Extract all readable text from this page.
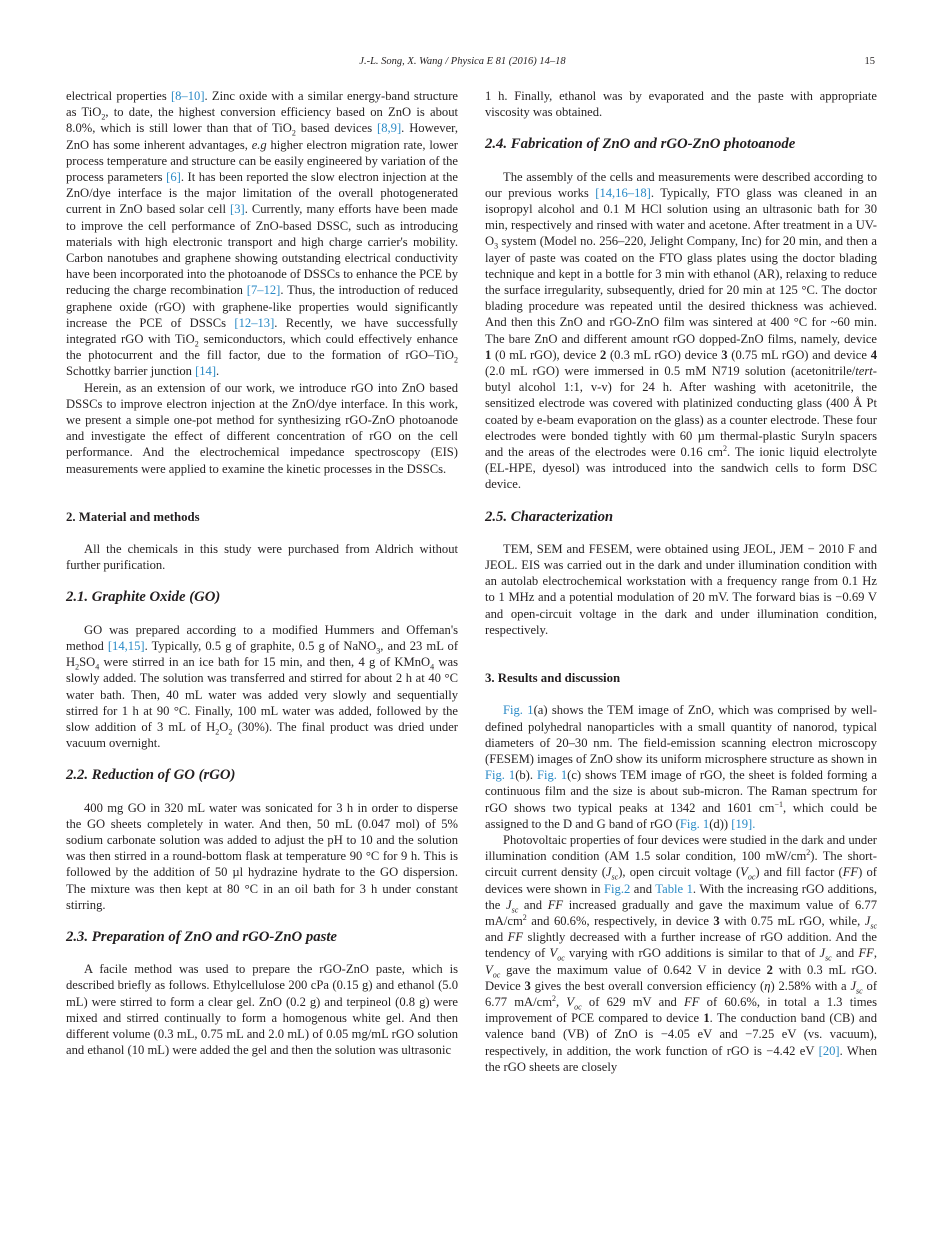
J.-L. Song, X. Wang / Physica E 81 (2016) 14–18	15

electrical properties [8–10]. Zinc oxide with a similar energy-band structure as TiO$_2$, to date, the highest conversion efficiency based on ZnO is about 8.0%, which is still lower than that of TiO$_2$ based devices [8,9]. However, ZnO has some inherent advantages, e.g higher electron migration rate, lower process temperature and structure can be easily engineered by variation of the process parameters [6]. It has been reported the slow electron injection at the ZnO/dye interface is the major limitation of the overall photogenerated current in ZnO based solar cell [3]. Currently, many efforts have been made to improve the cell performance of ZnO-based DSSC, such as introducing materials with high electronic transport and high charge carrier's mobility. Carbon nanotubes and graphene showing outstanding electrical conductivity have been incorporated into the photoanode of DSSCs to enhance the PCE by reducing the charge recombination [7–12]. Thus, the introduction of reduced graphene oxide (rGO) with graphene-like properties would significantly increase the PCE of DSSCs [12–13]. Recently, we have successfully integrated rGO with TiO$_2$ semiconductors, which could effectively enhance the photocurrent and the fill factor, due to the formation of rGO–TiO$_2$ Schottky barrier junction [14].

Herein, as an extension of our work, we introduce rGO into ZnO based DSSCs to improve electron injection at the ZnO/dye interface. In this work, we present a simple one-pot method for synthesizing rGO-ZnO photoanode and investigate the effect of different concentration of rGO on the cell performance. And the electrochemical impedance spectroscopy (EIS) measurements were applied to examine the kinetic processes in the DSSCs.

2. Material and methods

All the chemicals in this study were purchased from Aldrich without further purification.

2.1. Graphite Oxide (GO)

GO was prepared according to a modified Hummers and Offeman's method [14,15]. Typically, 0.5 g of graphite, 0.5 g of NaNO$_3$, and 23 mL of $H_2SO_4$ were stirred in an ice bath for 15 min, and then, 4 g of KMnO$_4$ was slowly added. The solution was transferred and stirred for about 2 h at 40 °C water bath. Then, 40 mL water was added very slowly and sequentially stirred for 1 h at 90 °C. Finally, 100 mL water was added, followed by the slow addition of 3 mL of $H_2O_2$ (30%). The final product was dried under vacuum overnight.

2.2. Reduction of GO (rGO)

400 mg GO in 320 mL water was sonicated for 3 h in order to disperse the GO sheets completely in water. And then, 50 mL (0.047 mol) of 5% sodium carbonate solution was added to adjust the pH to 10 and the solution was then stirred in a round-bottom flask at temperature 90 °C for 9 h. This is followed by the addition of 50 µl hydrazine hydrate to the GO dispersion. The mixture was then kept at 80 °C in an oil bath for 3 h under constant stirring.

2.3. Preparation of ZnO and rGO-ZnO paste

A facile method was used to prepare the rGO-ZnO paste, which is described briefly as follows. Ethylcellulose 200 cPa (0.15 g) and ethanol (5.0 mL) were stirred to form a clear gel. ZnO (0.2 g) and terpineol (0.8 g) were mixed and stirred continually to form a homogenous white gel. And then different volume (0.3 mL, 0.75 mL and 2.0 mL) of 0.05 mg/mL rGO solution and ethanol (10 mL) were added the gel and then the solution was ultrasonic

1 h. Finally, ethanol was by evaporated and the paste with appropriate viscosity was obtained.

2.4. Fabrication of ZnO and rGO-ZnO photoanode

The assembly of the cells and measurements were described according to our previous works [14,16–18]. Typically, FTO glass was cleaned in an isopropyl alcohol and 0.1 M HCl solution using an ultrasonic bath for 30 min, respectively and rinsed with water and acetone. After treatment in a $UV-O_3$ system (Model no. 256–220, Jelight Company, Inc) for 20 min, and then a layer of paste was coated on the FTO glass plates using the doctor blading technique and kept in a bottle for 3 min with ethanol (AR), relaxing to reduce the surface irregularity, subsequently, dried for 20 min at 125 °C. The doctor blading procedure was repeated until the desired thickness was achieved. And then this ZnO and rGO-ZnO film was sintered at 400 °C for ~60 min. The bare ZnO and different amount rGO dopped-ZnO films, namely, device 1 (0 mL rGO), device 2 (0.3 mL rGO) device 3 (0.75 mL rGO) and device 4 (2.0 mL rGO) were immersed in 0.5 mM N719 solution (acetonitrile/tert-butyl alcohol 1:1, v-v) for 24 h. After washing with acetonitrile, the sensitized electrode was covered with platinized conducting glass (400 Å Pt coated by e-beam evaporation on the glass) as a counter electrode. These four electrodes were bonded tightly with 60 µm thermal-plastic Suryln spacers and the areas of the electrodes were 0.16 $cm^2$. The ionic liquid electrolyte (EL-HPE, dyesol) was introduced into the sandwich cells to form DSC device.

2.5. Characterization

TEM, SEM and FESEM, were obtained using JEOL, JEM − 2010 F and JEOL. EIS was carried out in the dark and under illumination condition with an autolab electrochemical workstation with a frequency range from 0.1 Hz to 1 MHz and a potential modulation of 20 mV. The forward bias is −0.69 V and open-circuit voltage in the dark and under illumination condition, respectively.

3. Results and discussion

Fig. 1(a) shows the TEM image of ZnO, which was comprised by well-defined polyhedral nanoparticles with a small quantity of nanorod, typical diameters of 20–30 nm. The field-emission scanning electron microscopy (FESEM) images of ZnO show its uniform microsphere structure as shown in Fig. 1(b). Fig. 1(c) shows TEM image of rGO, the sheet is folded forming a continuous film and the size is about sub-micron. The Raman spectrum for rGO shows two typical peaks at 1342 and 1601 $cm^{-1}$, which could be assigned to the D and G band of rGO (Fig. 1(d)) [19].

Photovoltaic properties of four devices were studied in the dark and under illumination condition (AM 1.5 solar condition, 100 $mW/cm^2$). The short-circuit current density $(J_{sc})$, open circuit voltage $(V_{oc})$ and fill factor (FF) of devices were shown in Fig.2 and Table 1. With the increasing rGO additions, the $J_{sc}$ and FF increased gradually and gave the maximum value of 6.77 $mA/cm^2$ and 60.6%, respectively, in device 3 with 0.75 mL rGO, while, $J_{sc}$ and FF slightly decreased with a further increase of rGO addition. And the tendency of $V_{oc}$ varying with rGO additions is similar to that of $J_{sc}$ and FF, $V_{oc}$ gave the maximum value of 0.642 V in device 2 with 0.3 mL rGO. Device 3 gives the best overall conversion efficiency (η) 2.58% with a $J_{sc}$ of 6.77 $mA/cm^2$, $V_{oc}$ of 629 mV and FF of 60.6%, in total a 1.3 times improvement of PCE compared to device 1. The conduction band (CB) and valence band (VB) of ZnO is −4.05 eV and −7.25 eV (vs. vacuum), respectively, in addition, the work function of rGO is −4.42 eV [20]. When the rGO sheets are closely
